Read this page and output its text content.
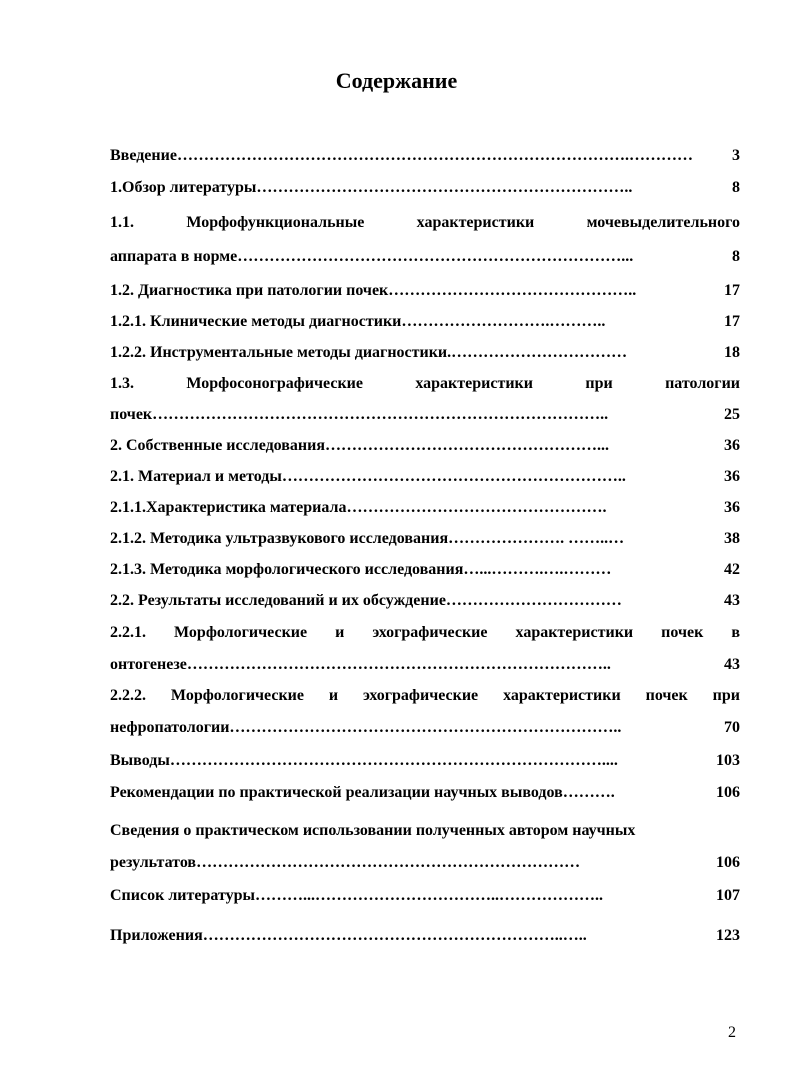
Содержание
Введение ………………………………………………………………………….…………	3
1.Обзор литературы ……………………………………………………………..	8
1.1. Морфофункциональные характеристики мочевыделительного
аппарата в норме ………………………………………………………………...	8
1.2. Диагностика при патологии почек ………………………………………..	17
1.2.1. Клинические методы диагностики ……………………….………..	17
1.2.2. Инструментальные методы диагностики. ……………………………	18
1.3. Морфосонографические характеристики при патологии
почек …………………………………………………………………………..	25
2. Собственные исследования ……………………………………………...	36
2.1. Материал и методы ………………………………………………………..	36
2.1.1.Характеристика материала ………………………………………….	36
2.1.2. Методика ультразвукового исследования …………………. ……..…	38
2.1.3. Методика морфологического исследования …...……….….………	42
2.2. Результаты исследований и их обсуждение ……………………………	43
2.2.1. Морфологические и эхографические характеристики почек в
онтогенезе ……………………………………………………………………..	43
2.2.2. Морфологические и эхографические характеристики почек при
нефропатологии ………………………………………………………………..	70
Выводы ………………………………………………………………………....	103
Рекомендации по практической реализации научных выводов ……….	106
Сведения о практическом использовании полученных автором научных
результатов ………………………………………………………………	106
Список литературы ………...……………………………..………………..	107
Приложения …………………………………………………………..…..	123
2
